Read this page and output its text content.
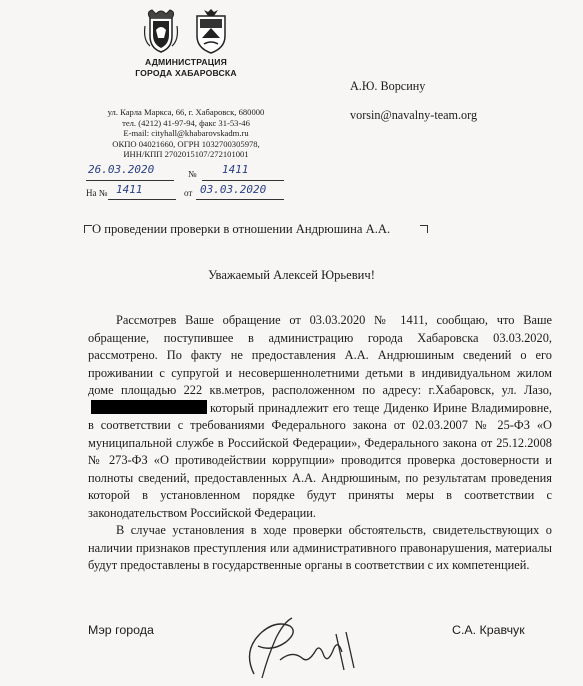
АДМИНИСТРАЦИЯ
ГОРОДА ХАБАРОВСКА
ул. Карла Маркса, 66, г. Хабаровск, 680000
тел. (4212) 41-97-94, факс 31-53-46
E-mail: cityhall@khabarovskadm.ru
ОКПО 04021660, ОГРН 1032700305978,
ИНН/КПП 2702015107/272101001
26.03.2020	№ 1411
На № 1411	от 03.03.2020
А.Ю. Ворсину
vorsin@navalny-team.org
О проведении проверки в отношении Андрюшина А.А.
Уважаемый Алексей Юрьевич!

Рассмотрев Ваше обращение от 03.03.2020 № 1411, сообщаю, что Ваше обращение, поступившее в администрацию города Хабаровска 03.03.2020, рассмотрено. По факту не предоставления А.А. Андрюшиным сведений о его проживании с супругой и несовершеннолетними детьми в индивидуальном жилом доме площадью 222 кв.метров, расположенном по адресу: г.Хабаровск, ул. Лазо,который принадлежит его теще Диденко Ирине Владимировне, в соответствии с требованиями Федерального закона от 02.03.2007 № 25-ФЗ «О муниципальной службе в Российской Федерации», Федерального закона от 25.12.2008 № 273-ФЗ «О противодействии коррупции» проводится проверка достоверности и полноты сведений, предоставленных А.А. Андрюшиным, по результатам проведения которой в установленном порядке будут приняты меры в соответствии с законодательством Российской Федерации.

В случае установления в ходе проверки обстоятельств, свидетельствующих о наличии признаков преступления или административного правонарушения, материалы будут предоставлены в государственные органы в соответствии с их компетенцией.

Мэр города	С.А. Кравчук
